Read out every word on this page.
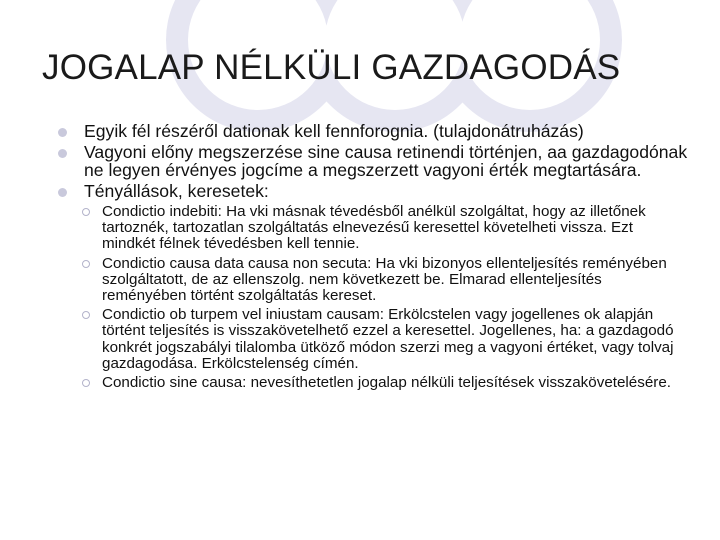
JOGALAP NÉLKÜLI GAZDAGODÁS
Egyik fél részéről dationak kell fennforognia. (tulajdonátruházás)
Vagyoni előny megszerzése sine causa retinendi történjen, aa gazdagodónak ne legyen érvényes jogcíme a megszerzett vagyoni érték megtartására.
Tényállások, keresetek:
Condictio indebiti: Ha vki másnak tévedésből anélkül szolgáltat, hogy az illetőnek tartoznék, tartozatlan szolgáltatás elnevezésű keresettel követelheti vissza. Ezt mindkét félnek tévedésben kell tennie.
Condictio causa data causa non secuta: Ha vki bizonyos ellenteljesítés reményében szolgáltatott, de az ellenszolg. nem következett be. Elmarad ellenteljesítés reményében történt szolgáltatás kereset.
Condictio ob turpem vel iniustam causam: Erkölcstelen vagy jogellenes ok alapján történt teljesítés is visszakövetelhető ezzel a keresettel. Jogellenes, ha: a gazdagodó konkrét jogszabályi tilalomba ütköző módon szerzi meg a vagyoni értéket, vagy tolvaj gazdagodása. Erkölcstelenség címén.
Condictio sine causa: nevesíthetetlen jogalap nélküli teljesítések visszakövetelésére.
